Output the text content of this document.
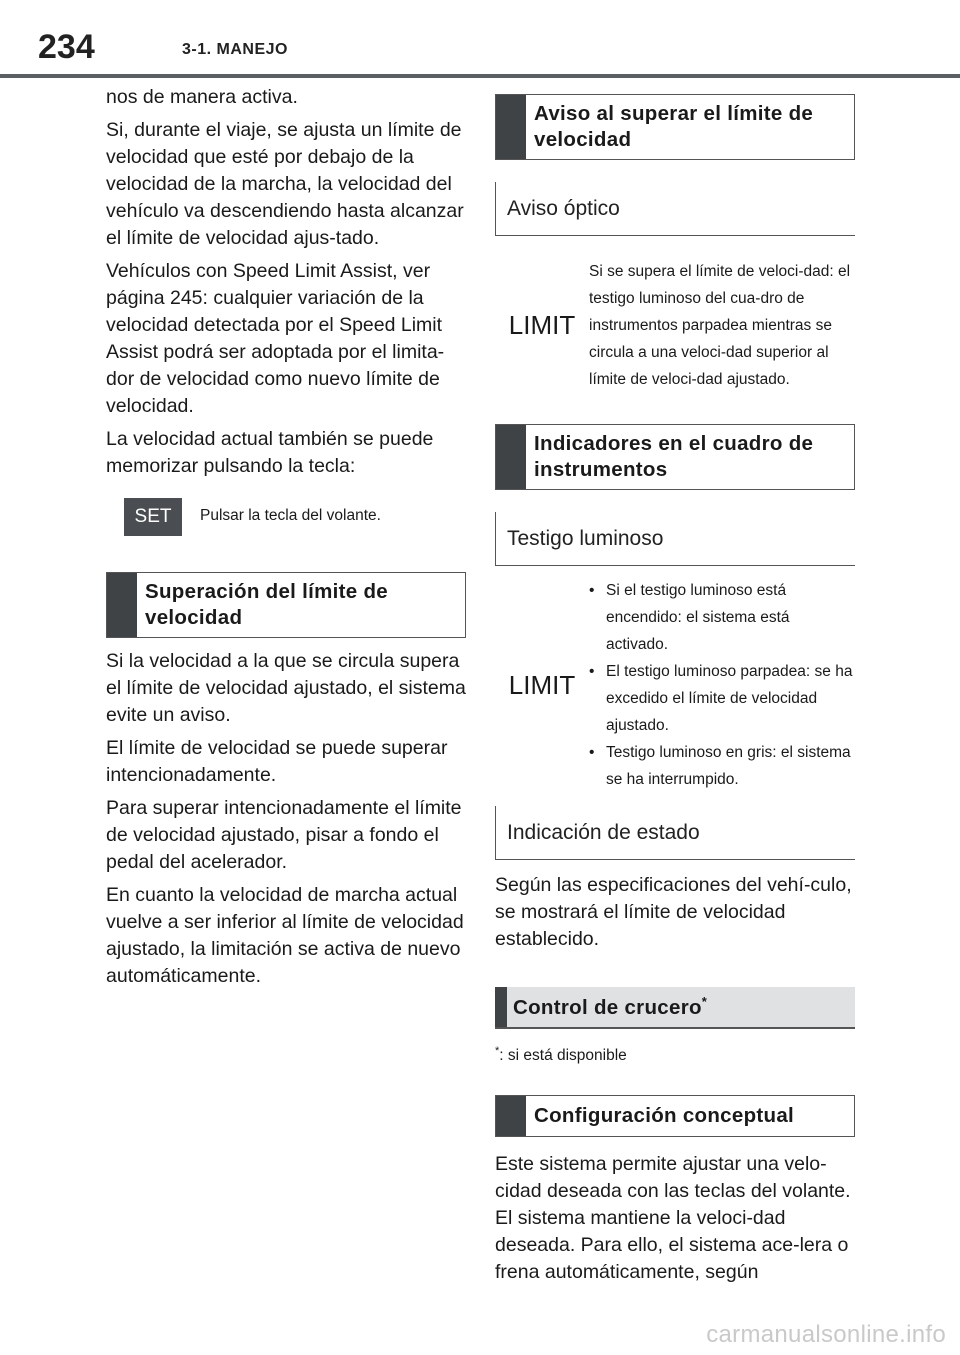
234	3-1. MANEJO

nos de manera activa.

Si, durante el viaje, se ajusta un límite de velocidad que esté por debajo de la velocidad de la marcha, la velocidad del vehículo va descendiendo hasta alcanzar el límite de velocidad ajus-tado.

Vehículos con Speed Limit Assist, ver página 245: cualquier variación de la velocidad detectada por el Speed Limit Assist podrá ser adoptada por el limita-dor de velocidad como nuevo límite de velocidad.

La velocidad actual también se puede memorizar pulsando la tecla:

SET	Pulsar la tecla del volante.
Superación del límite de velocidad

Si la velocidad a la que se circula supera el límite de velocidad ajustado, el sistema evite un aviso.

El límite de velocidad se puede superar intencionadamente.

Para superar intencionadamente el límite de velocidad ajustado, pisar a fondo el pedal del acelerador.

En cuanto la velocidad de marcha actual vuelve a ser inferior al límite de velocidad ajustado, la limitación se activa de nuevo automáticamente.

Aviso al superar el límite de velocidad
Aviso óptico
LIMIT
Si se supera el límite de veloci-dad: el testigo luminoso del cua-dro de instrumentos parpadea mientras se circula a una veloci-dad superior al límite de veloci-dad ajustado.
Indicadores en el cuadro de instrumentos
Testigo luminoso
LIMIT
• Si el testigo luminoso está encendido: el sistema está activado.
• El testigo luminoso parpadea: se ha excedido el límite de velocidad ajustado.
• Testigo luminoso en gris: el sistema se ha interrumpido.
Indicación de estado

Según las especificaciones del vehí-culo, se mostrará el límite de velocidad establecido.

Control de crucero*
*: si está disponible
Configuración conceptual

Este sistema permite ajustar una velo-cidad deseada con las teclas del volante. El sistema mantiene la veloci-dad deseada. Para ello, el sistema ace-lera o frena automáticamente, según

carmanualsonline.info
